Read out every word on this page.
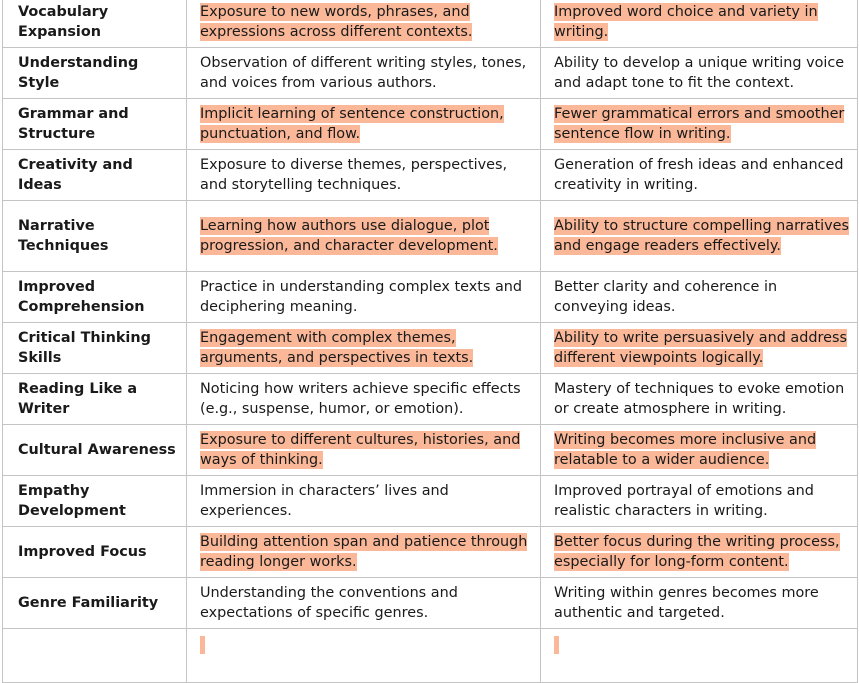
Vocabulary Expansion	Exposure to new words, phrases, and expressions across different contexts.	Improved word choice and variety in writing.
Understanding Style	Observation of different writing styles, tones, and voices from various authors.	Ability to develop a unique writing voice and adapt tone to fit the context.
Grammar and Structure	Implicit learning of sentence construction, punctuation, and flow.	Fewer grammatical errors and smoother sentence flow in writing.
Creativity and Ideas	Exposure to diverse themes, perspectives, and storytelling techniques.	Generation of fresh ideas and enhanced creativity in writing.
Narrative Techniques	Learning how authors use dialogue, plot progression, and character development.	Ability to structure compelling narratives and engage readers effectively.
Improved Comprehension	Practice in understanding complex texts and deciphering meaning.	Better clarity and coherence in conveying ideas.
Critical Thinking Skills	Engagement with complex themes, arguments, and perspectives in texts.	Ability to write persuasively and address different viewpoints logically.
Reading Like a Writer	Noticing how writers achieve specific effects (e.g., suspense, humor, or emotion).	Mastery of techniques to evoke emotion or create atmosphere in writing.
Cultural Awareness	Exposure to different cultures, histories, and ways of thinking.	Writing becomes more inclusive and relatable to a wider audience.
Empathy Development	Immersion in characters’ lives and experiences.	Improved portrayal of emotions and realistic characters in writing.
Improved Focus	Building attention span and patience through reading longer works.	Better focus during the writing process, especially for long-form content.
Genre Familiarity	Understanding the conventions and expectations of specific genres.	Writing within genres becomes more authentic and targeted.
